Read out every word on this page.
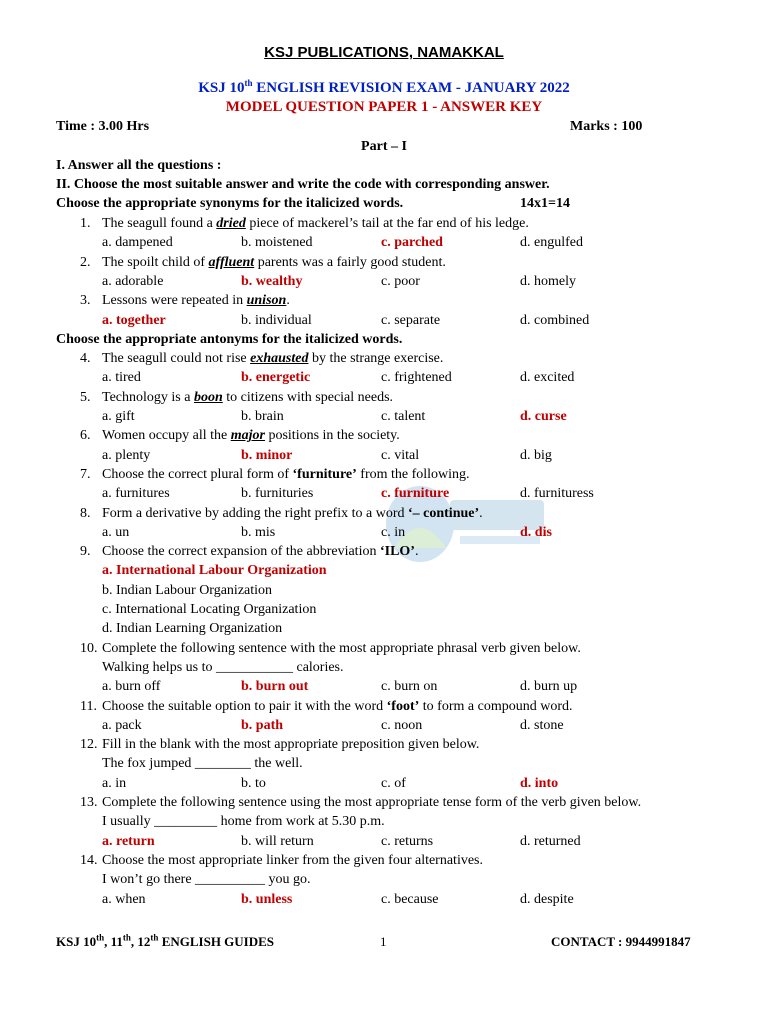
KSJ PUBLICATIONS, NAMAKKAL
KSJ 10th ENGLISH REVISION EXAM - JANUARY 2022
MODEL QUESTION PAPER 1 - ANSWER KEY
Time : 3.00 Hrs	Marks : 100
Part – I
I. Answer all the questions :
II. Choose the most suitable answer and write the code with corresponding answer.
Choose the appropriate synonyms for the italicized words.	14x1=14
1. The seagull found a dried piece of mackerel’s tail at the far end of his ledge.
a. dampened	b. moistened	c. parched	d. engulfed
2. The spoilt child of affluent parents was a fairly good student.
a. adorable	b. wealthy	c. poor	d. homely
3. Lessons were repeated in unison.
a. together	b. individual	c. separate	d. combined
Choose the appropriate antonyms for the italicized words.
4. The seagull could not rise exhausted by the strange exercise.
a. tired	b. energetic	c. frightened	d. excited
5. Technology is a boon to citizens with special needs.
a. gift	b. brain	c. talent	d. curse
6. Women occupy all the major positions in the society.
a. plenty	b. minor	c. vital	d. big
7. Choose the correct plural form of ‘furniture’ from the following.
a. furnitures	b. furnituries	c. furniture	d. furnituress
8. Form a derivative by adding the right prefix to a word ‘– continue’.
a. un	b. mis	c. in	d. dis
9. Choose the correct expansion of the abbreviation ‘ILO’.
a. International Labour Organization
b. Indian Labour Organization
c. International Locating Organization
d. Indian Learning Organization
10. Complete the following sentence with the most appropriate phrasal verb given below.
Walking helps us to ___________ calories.
a. burn off	b. burn out	c. burn on	d. burn up
11. Choose the suitable option to pair it with the word ‘foot’ to form a compound word.
a. pack	b. path	c. noon	d. stone
12. Fill in the blank with the most appropriate preposition given below.
The fox jumped ________ the well.
a. in	b. to	c. of	d. into
13. Complete the following sentence using the most appropriate tense form of the verb given below.
I usually _________ home from work at 5.30 p.m.
a. return	b. will return	c. returns	d. returned
14. Choose the most appropriate linker from the given four alternatives.
I won’t go there __________ you go.
a. when	b. unless	c. because	d. despite
KSJ 10th, 11th, 12th ENGLISH GUIDES	1	CONTACT : 9944991847
